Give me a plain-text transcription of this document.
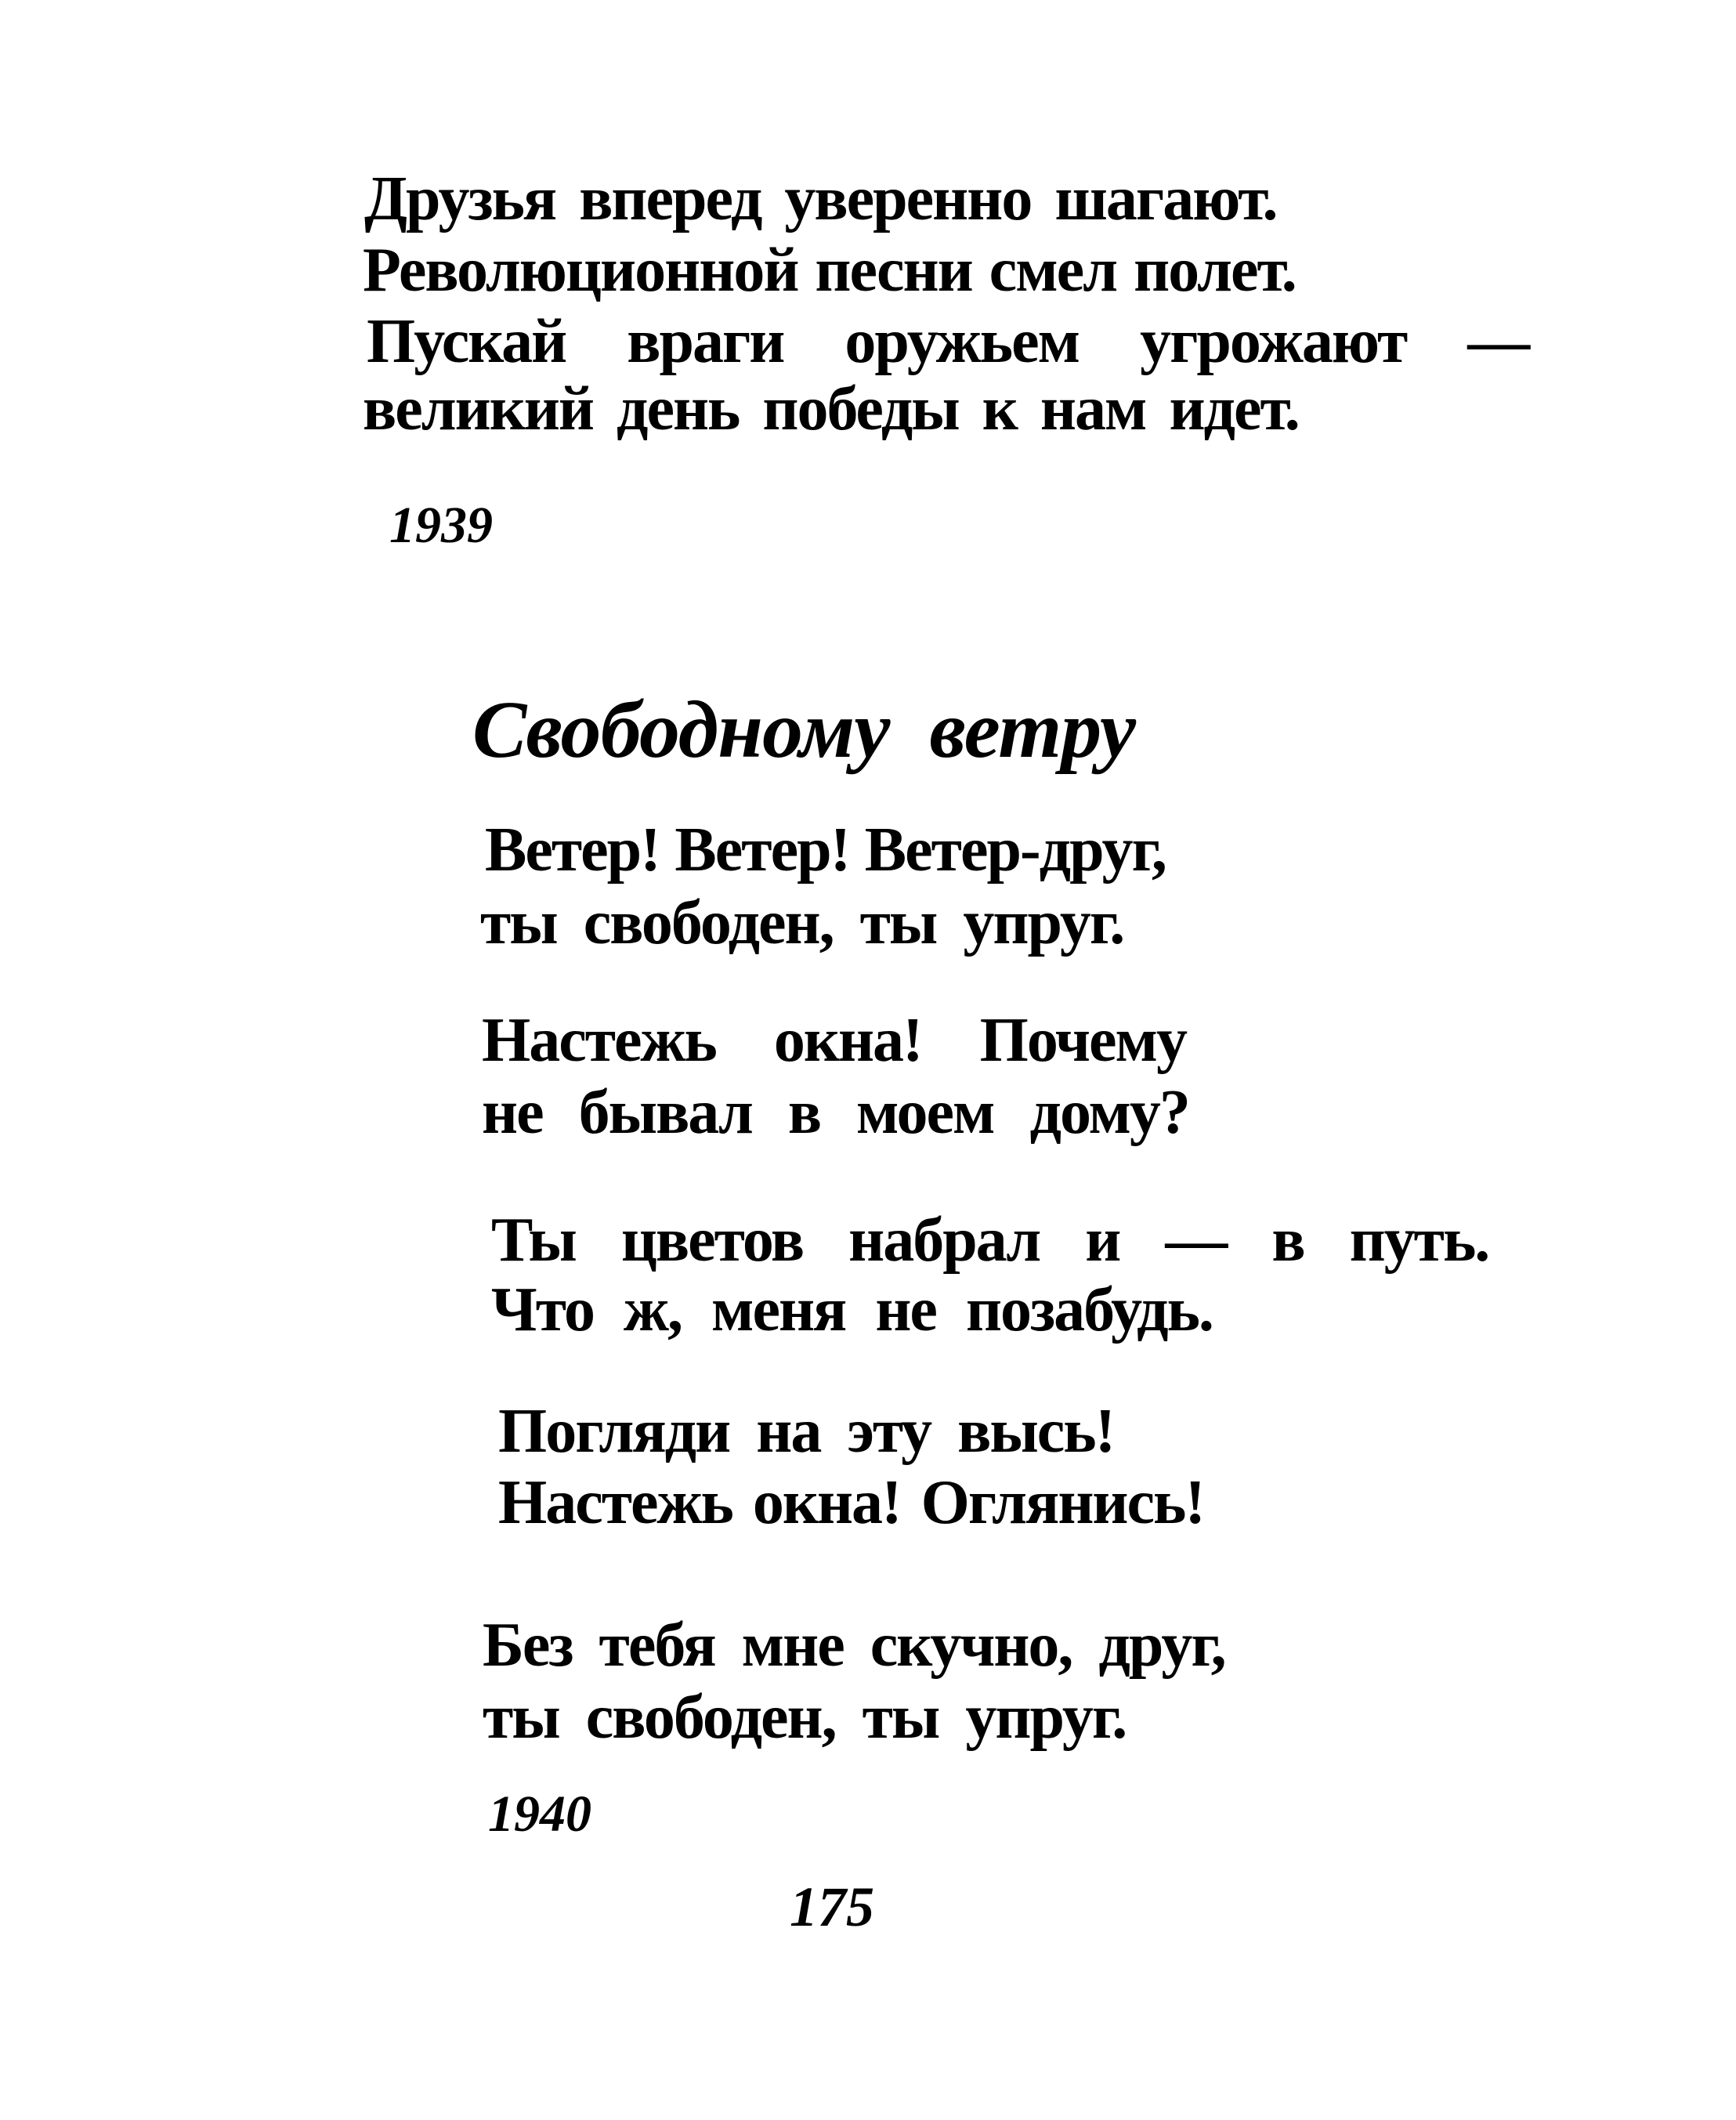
Друзья вперед уверенно шагают.
Революционной песни смел полет.
Пускай враги оружьем угрожают —
великий день победы к нам идет.
1939
Свободному ветру
Ветер! Ветер! Ветер-друг,
ты свободен, ты упруг.
Настежь окна! Почему
не бывал в моем дому?
Ты цветов набрал и — в путь.
Что ж, меня не позабудь.
Погляди на эту высь!
Настежь окна! Оглянись!
Без тебя мне скучно, друг,
ты свободен, ты упруг.
1940
175
